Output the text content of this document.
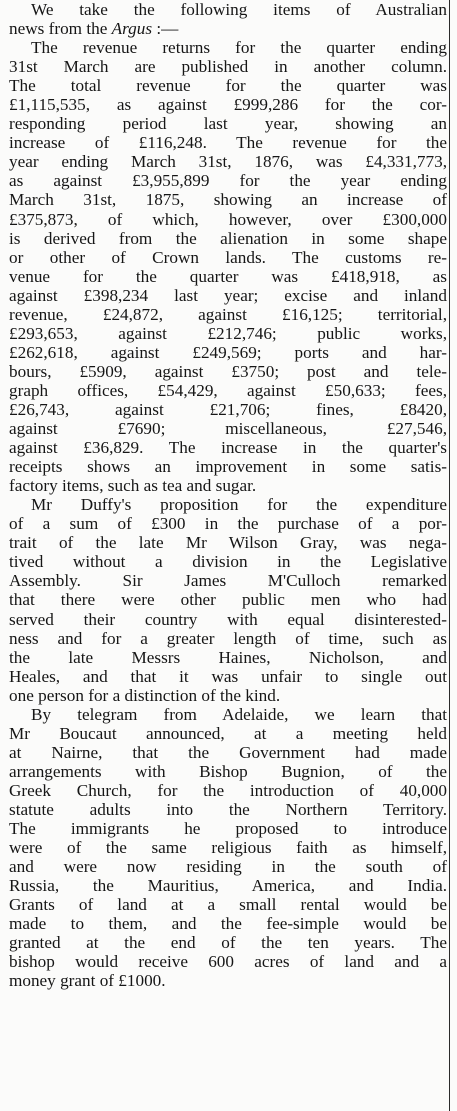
We take the following items of Australian
news from the Argus :—
The revenue returns for the quarter ending
31st March are published in another column.
The total revenue for the quarter was
£1,115,535, as against £999,286 for the cor-
responding period last year, showing an
increase of £116,248. The revenue for the
year ending March 31st, 1876, was £4,331,773,
as against £3,955,899 for the year ending
March 31st, 1875, showing an increase of
£375,873, of which, however, over £300,000
is derived from the alienation in some shape
or other of Crown lands. The customs re-
venue for the quarter was £418,918, as
against £398,234 last year; excise and inland
revenue, £24,872, against £16,125; territorial,
£293,653, against £212,746; public works,
£262,618, against £249,569; ports and har-
bours, £5909, against £3750; post and tele-
graph offices, £54,429, against £50,633; fees,
£26,743, against £21,706; fines, £8420,
against £7690; miscellaneous, £27,546,
against £36,829. The increase in the quarter's
receipts shows an improvement in some satis-
factory items, such as tea and sugar.
Mr Duffy's proposition for the expenditure
of a sum of £300 in the purchase of a por-
trait of the late Mr Wilson Gray, was nega-
tived without a division in the Legislative
Assembly. Sir James M'Culloch remarked
that there were other public men who had
served their country with equal disinterested-
ness and for a greater length of time, such as
the late Messrs Haines, Nicholson, and
Heales, and that it was unfair to single out
one person for a distinction of the kind.
By telegram from Adelaide, we learn that
Mr Boucaut announced, at a meeting held
at Nairne, that the Government had made
arrangements with Bishop Bugnion, of the
Greek Church, for the introduction of 40,000
statute adults into the Northern Territory.
The immigrants he proposed to introduce
were of the same religious faith as himself,
and were now residing in the south of
Russia, the Mauritius, America, and India.
Grants of land at a small rental would be
made to them, and the fee-simple would be
granted at the end of the ten years. The
bishop would receive 600 acres of land and a
money grant of £1000.
